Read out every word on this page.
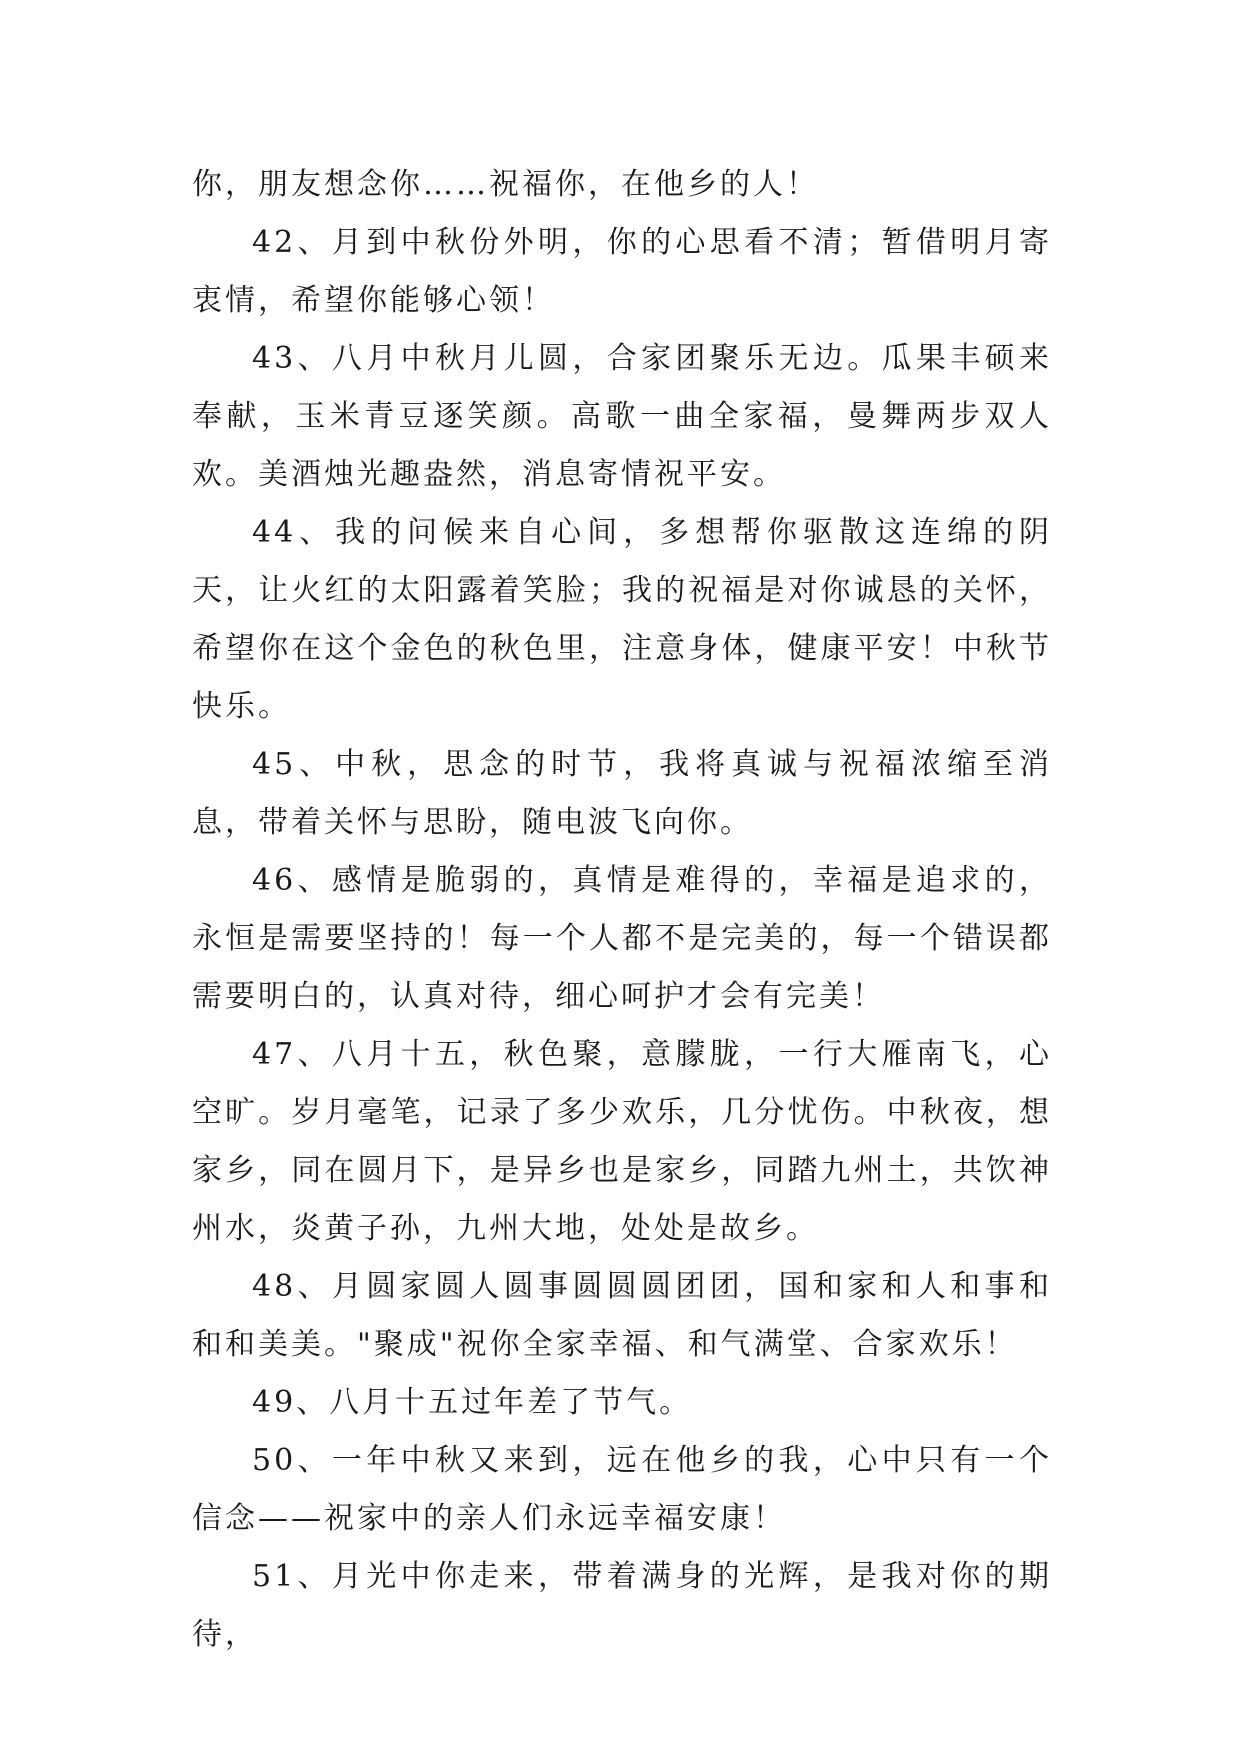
你，朋友想念你……祝福你，在他乡的人！

42、月到中秋份外明，你的心思看不清；暂借明月寄衷情，希望你能够心领！

43、八月中秋月儿圆，合家团聚乐无边。瓜果丰硕来奉献，玉米青豆逐笑颜。高歌一曲全家福，曼舞两步双人欢。美酒烛光趣盎然，消息寄情祝平安。

44、我的问候来自心间，多想帮你驱散这连绵的阴天，让火红的太阳露着笑脸；我的祝福是对你诚恳的关怀，希望你在这个金色的秋色里，注意身体，健康平安！中秋节快乐。

45、中秋，思念的时节，我将真诚与祝福浓缩至消息，带着关怀与思盼，随电波飞向你。

46、感情是脆弱的，真情是难得的，幸福是追求的，永恒是需要坚持的！每一个人都不是完美的，每一个错误都需要明白的，认真对待，细心呵护才会有完美！

47、八月十五，秋色聚，意朦胧，一行大雁南飞，心空旷。岁月毫笔，记录了多少欢乐，几分忧伤。中秋夜，想家乡，同在圆月下，是异乡也是家乡，同踏九州土，共饮神州水，炎黄子孙，九州大地，处处是故乡。

48、月圆家圆人圆事圆圆圆团团，国和家和人和事和和和美美。"聚成"祝你全家幸福、和气满堂、合家欢乐！

49、八月十五过年差了节气。

50、一年中秋又来到，远在他乡的我，心中只有一个信念——祝家中的亲人们永远幸福安康！

51、月光中你走来，带着满身的光辉，是我对你的期待，
